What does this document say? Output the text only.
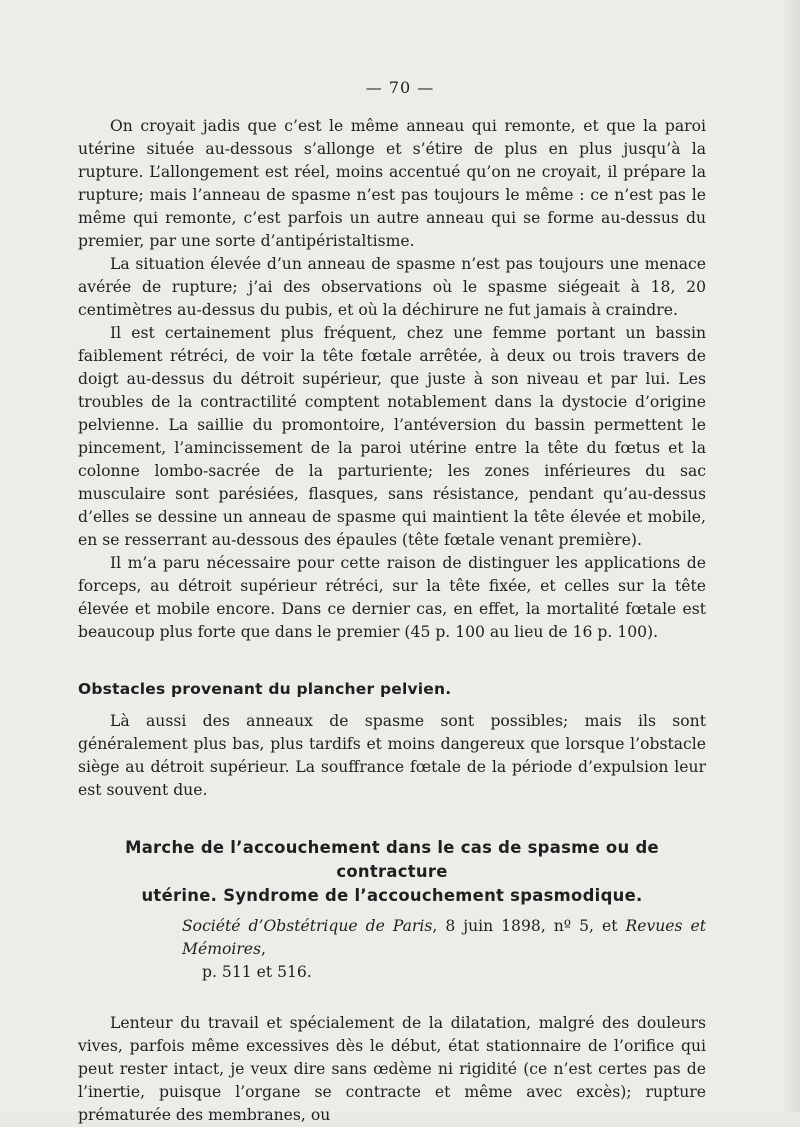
— 70 —

On croyait jadis que c’est le même anneau qui remonte, et que la paroi utérine située au-dessous s’allonge et s’étire de plus en plus jusqu’à la rupture. L’allongement est réel, moins accentué qu’on ne croyait, il prépare la rupture; mais l’anneau de spasme n’est pas toujours le même : ce n’est pas le même qui remonte, c’est parfois un autre anneau qui se forme au-dessus du premier, par une sorte d’antipéristaltisme.

La situation élevée d’un anneau de spasme n’est pas toujours une menace avérée de rupture; j’ai des observations où le spasme siégeait à 18, 20 centimètres au-dessus du pubis, et où la déchirure ne fut jamais à craindre.

Il est certainement plus fréquent, chez une femme portant un bassin faiblement rétréci, de voir la tête fœtale arrêtée, à deux ou trois travers de doigt au-dessus du détroit supérieur, que juste à son niveau et par lui. Les troubles de la contractilité comptent notablement dans la dystocie d’origine pelvienne. La saillie du promontoire, l’antéversion du bassin permettent le pincement, l’amincissement de la paroi utérine entre la tête du fœtus et la colonne lombo-sacrée de la parturiente; les zones inférieures du sac musculaire sont parésiées, flasques, sans résistance, pendant qu’au-dessus d’elles se dessine un anneau de spasme qui maintient la tête élevée et mobile, en se resserrant au-dessous des épaules (tête fœtale venant première).

Il m’a paru nécessaire pour cette raison de distinguer les applications de forceps, au détroit supérieur rétréci, sur la tête fixée, et celles sur la tête élevée et mobile encore. Dans ce dernier cas, en effet, la mortalité fœtale est beaucoup plus forte que dans le premier (45 p. 100 au lieu de 16 p. 100).

Obstacles provenant du plancher pelvien.

Là aussi des anneaux de spasme sont possibles; mais ils sont généralement plus bas, plus tardifs et moins dangereux que lorsque l’obstacle siège au détroit supérieur. La souffrance fœtale de la période d’expulsion leur est souvent due.

Marche de l’accouchement dans le cas de spasme ou de contracture
utérine. Syndrome de l’accouchement spasmodique.
Société d’Obstétrique de Paris, 8 juin 1898, nº 5, et Revues et Mémoires,
p. 511 et 516.

Lenteur du travail et spécialement de la dilatation, malgré des douleurs vives, parfois même excessives dès le début, état stationnaire de l’orifice qui peut rester intact, je veux dire sans œdème ni rigidité (ce n’est certes pas de l’inertie, puisque l’organe se contracte et même avec excès); rupture prématurée des membranes, ou
